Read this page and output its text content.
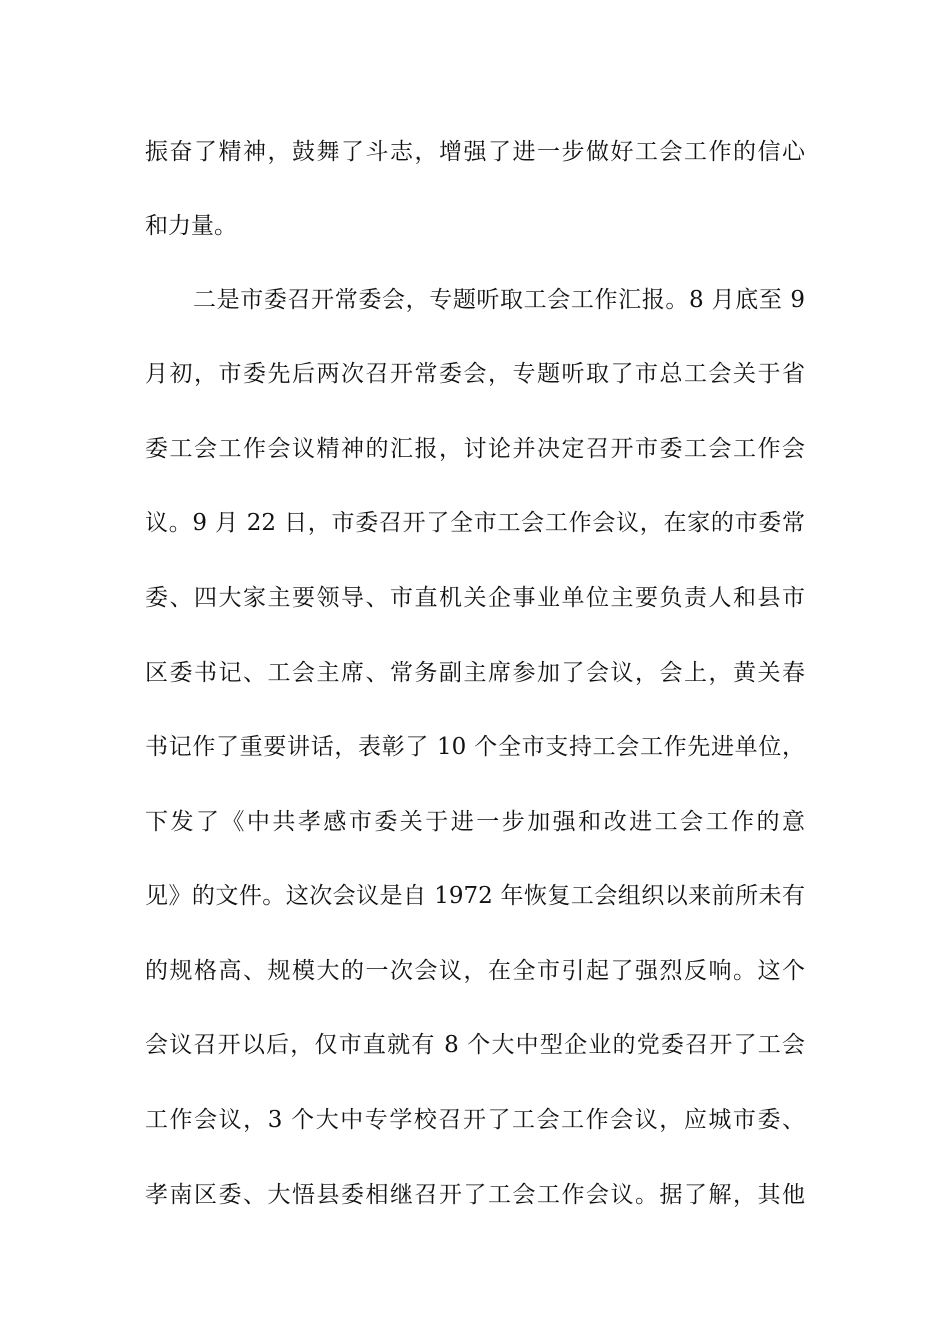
振奋了精神，鼓舞了斗志，增强了进一步做好工会工作的信心
和力量。
二是市委召开常委会，专题听取工会工作汇报。8 月底至 9
月初，市委先后两次召开常委会，专题听取了市总工会关于省
委工会工作会议精神的汇报，讨论并决定召开市委工会工作会
议。9 月 22 日，市委召开了全市工会工作会议，在家的市委常
委、四大家主要领导、市直机关企事业单位主要负责人和县市
区委书记、工会主席、常务副主席参加了会议，会上，黄关春
书记作了重要讲话，表彰了 10 个全市支持工会工作先进单位，
下发了《中共孝感市委关于进一步加强和改进工会工作的意
见》的文件。这次会议是自 1972 年恢复工会组织以来前所未有
的规格高、规模大的一次会议，在全市引起了强烈反响。这个
会议召开以后，仅市直就有 8 个大中型企业的党委召开了工会
工作会议，3 个大中专学校召开了工会工作会议，应城市委、
孝南区委、大悟县委相继召开了工会工作会议。据了解，其他
